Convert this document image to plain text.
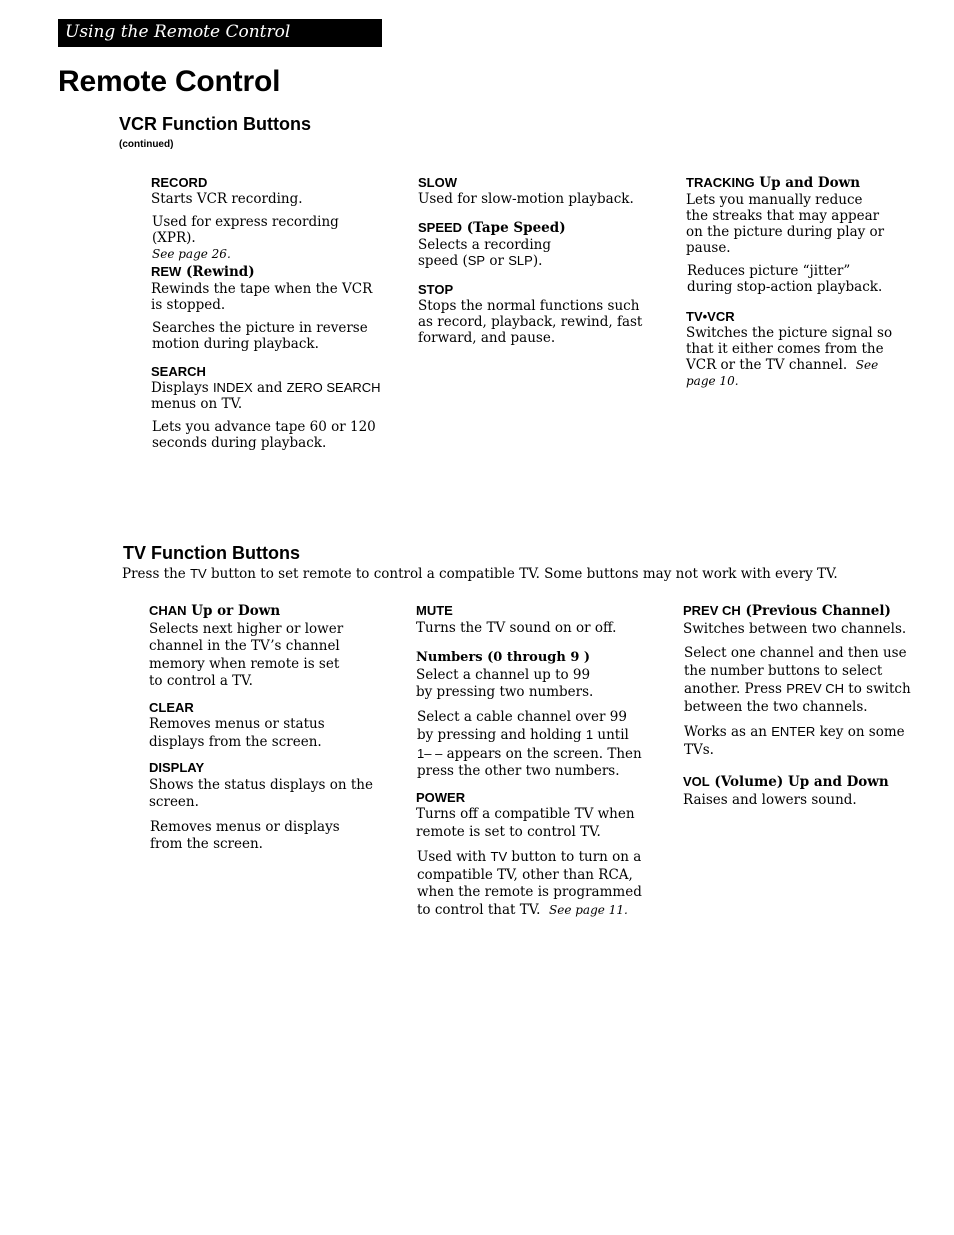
Using the Remote Control
Remote Control
VCR Function Buttons
(continued)

RECORD

Starts VCR recording.

Used for express recording (XPR).
See page 26.

REW (Rewind)

Rewinds the tape when the VCR is stopped.

Searches the picture in reverse motion during playback.

SEARCH

Displays INDEX and ZERO SEARCH menus on TV.

Lets you advance tape 60 or 120 seconds during playback.

SLOW

Used for slow-motion playback.

SPEED (Tape Speed)

Selects a recording speed (SP or SLP).

STOP

Stops the normal functions such as record, playback, rewind, fast forward, and pause.

TRACKING Up and Down

Lets you manually reduce the streaks that may appear on the picture during play or pause.

Reduces picture “jitter” during stop-action playback.

TV•VCR

Switches the picture signal so that it either comes from the VCR or the TV channel. See page 10.

TV Function Buttons

Press the TV button to set remote to control a compatible TV. Some buttons may not work with every TV.

CHAN Up or Down

Selects next higher or lower channel in the TV’s channel memory when remote is set to control a TV.

CLEAR

Removes menus or status displays from the screen.

DISPLAY

Shows the status displays on the screen.

Removes menus or displays from the screen.

MUTE

Turns the TV sound on or off.

Numbers (0 through 9 )

Select a channel up to 99 by pressing two numbers.

Select a cable channel over 99 by pressing and holding 1 until 1– – appears on the screen. Then press the other two numbers.

POWER

Turns off a compatible TV when remote is set to control TV.

Used with TV button to turn on a compatible TV, other than RCA, when the remote is programmed to control that TV. See page 11.

PREV CH (Previous Channel)

Switches between two channels.

Select one channel and then use the number buttons to select another. Press PREV CH to switch between the two channels.

Works as an ENTER key on some TVs.

VOL (Volume) Up and Down

Raises and lowers sound.
